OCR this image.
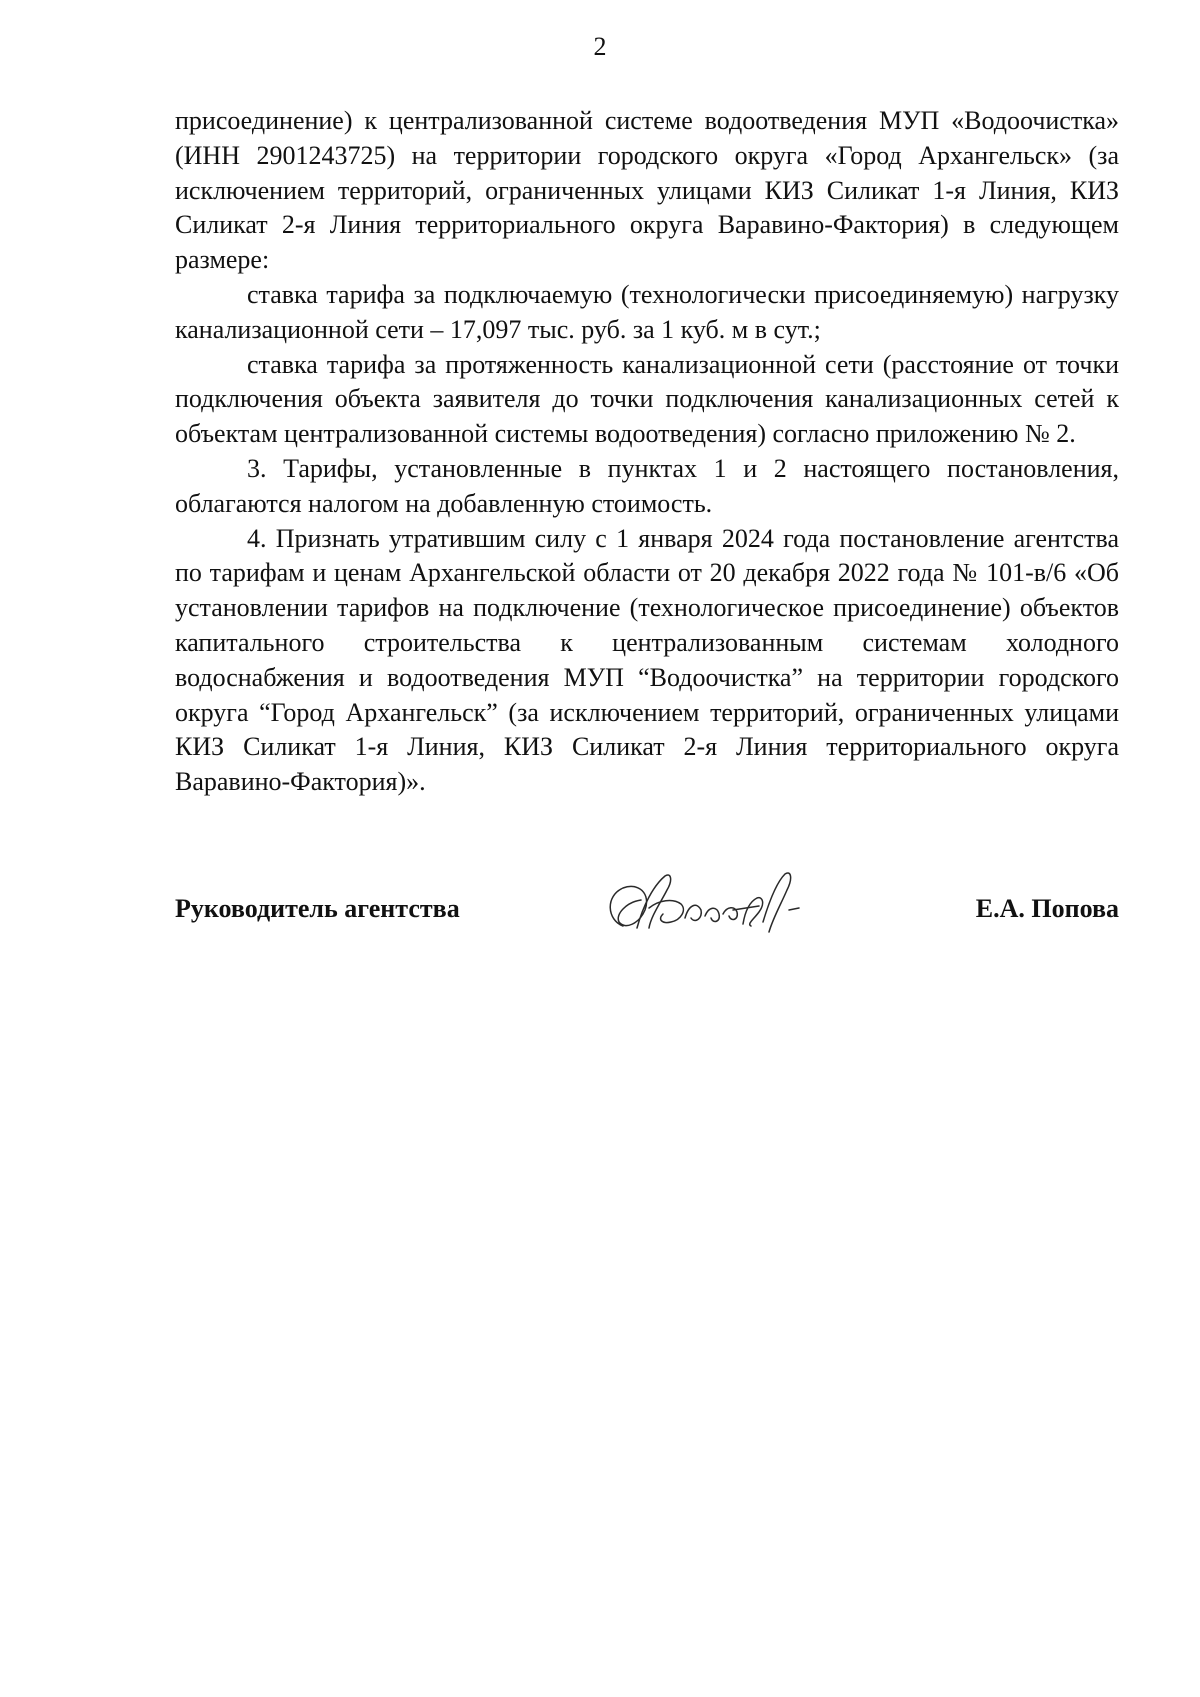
2

присоединение) к централизованной системе водоотведения МУП «Водоочистка» (ИНН 2901243725) на территории городского округа «Город Архангельск» (за исключением территорий, ограниченных улицами КИЗ Силикат 1-я Линия, КИЗ Силикат 2-я Линия территориального округа Варавино-Фактория) в следующем размере:

ставка тарифа за подключаемую (технологически присоединяемую) нагрузку канализационной сети – 17,097 тыс. руб. за 1 куб. м в сут.;

ставка тарифа за протяженность канализационной сети (расстояние от точки подключения объекта заявителя до точки подключения канализационных сетей к объектам централизованной системы водоотведения) согласно приложению № 2.

3. Тарифы, установленные в пунктах 1 и 2 настоящего постановления, облагаются налогом на добавленную стоимость.

4. Признать утратившим силу с 1 января 2024 года постановление агентства по тарифам и ценам Архангельской области от 20 декабря 2022 года № 101-в/6 «Об установлении тарифов на подключение (технологическое присоединение) объектов капитального строительства к централизованным системам холодного водоснабжения и водоотведения МУП “Водоочистка” на территории городского округа “Город Архангельск” (за исключением территорий, ограниченных улицами КИЗ Силикат 1-я Линия, КИЗ Силикат 2-я Линия территориального округа Варавино-Фактория)».

Руководитель агентства	Е.А. Попова
